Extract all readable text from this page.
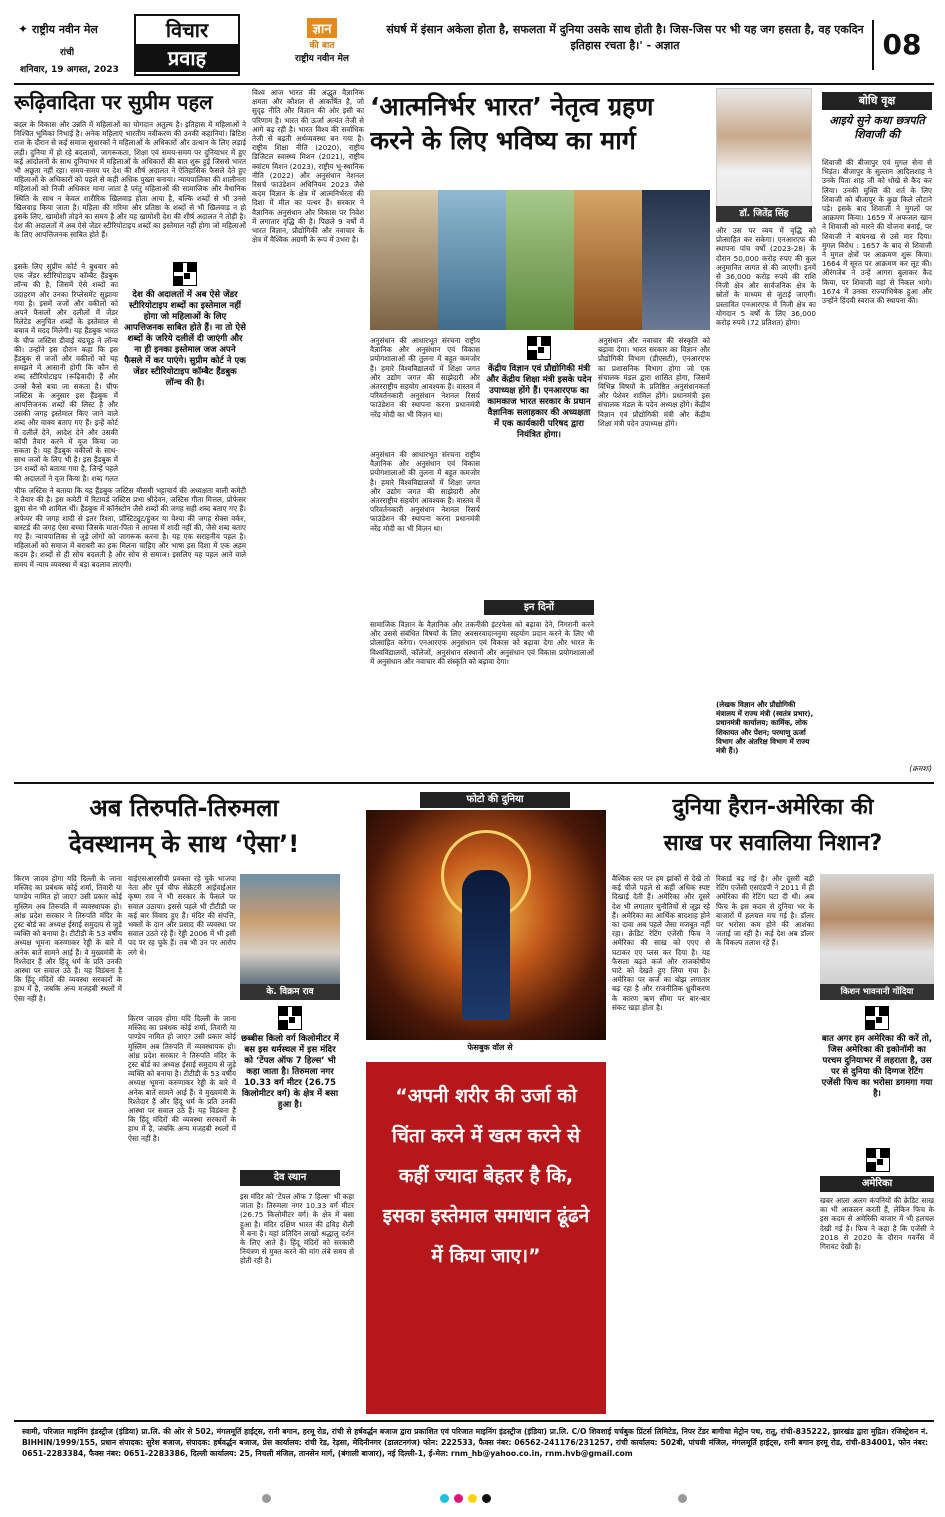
✦ राष्ट्रीय नवीन मेल
रांची
शनिवार, 19 अगस्त, 2023
विचार
प्रवाह
ज्ञान
की बात
राष्ट्रीय नवीन मेल
संघर्ष में इंसान अकेला होता है, सफलता में दुनिया उसके साथ होती है। जिस-जिस पर भी यह जग हसता है, वह एकदिन इतिहास रचता है।' - अज्ञात	08
रूढ़िवादिता पर सुप्रीम पहल
बदल के विकास और उन्नति में महिलाओं का योगदान अतुल्य है। इतिहास में महिलाओं ने निश्चित भूमिका निभाई है। अनेक महिलाएं भारतीय नवीकरण की उनकी कहानियां। ब्रिटिश राज के दौरान से कई समाज सुधारकों ने महिलाओं के अधिकारों और उत्थान के लिए लड़ाई लड़ी। दुनिया में हो रहे बदलावों, जागरूकता, शिक्षा एवं समय-समय पर दुनियाभर में हुए कई आंदोलनों के साथ दुनियाभर में महिलाओं के अधिकारों की बात शुरू हुई जिससे भारत भी अछूता नहीं रहा। समय-समय पर देश की शीर्ष अदालत ने ऐतिहासिक फैसले देते हुए महिलाओं के अधिकारों को पहले से कहीं अधिक पुख्ता बनाया। न्यायपालिका की शालीनता महिलाओं को निजी अधिकार माना जाता है परंतु महिलाओं की सामाजिक और वैधानिक स्थिति के साथ न केवल शारीरिक खिलवाड़ होता आया है, बल्कि शब्दों से भी उनसे खिलवाड़ किया जाता है। महिला की गरिमा और प्रतिष्ठा के शब्दों से भी खिलवाड़ न हो इसके लिए, खामोशी तोड़ने का समय है और यह खामोशी देश की शीर्ष अदालत ने तोड़ी है। देश की अदालतों में अब ऐसे जेंडर स्टीरियोटाइप शब्दों का इस्तेमाल नहीं होगा जो महिलाओं के लिए आपत्तिजनक साबित होते हैं।
देश की अदालतों में अब ऐसे जेंडर स्टीरियोटाइप शब्दों का इस्तेमाल नहीं होगा जो महिलाओं के लिए आपत्तिजनक साबित होते हैं। ना तो ऐसे शब्दों के जरिये दलीलें दी जाएंगी और ना ही इनका इस्तेमाल जज अपने फैसले में कर पाएंगे। सुप्रीम कोर्ट ने एक जेंडर स्टीरियोटाइप कॉम्बैट हैंडबुक लॉन्च की है।
इसके लिए सुप्रीम कोर्ट ने बुधवार को एक जेंडर स्टीरियोटाइप कॉम्बैट हैंडबुक लॉन्च की है, जिसमें ऐसे शब्दों का उदाहरण और उनका रिप्लेसमेंट सुझाया गया है। इसमें जजों और वकीलों को अपने फैसलों और दलीलों में जेंडर रिलेटेड अनुचित शब्दों के इस्तेमाल से बचाव में मदद मिलेगी। यह हैंडबुक भारत के चीफ जस्टिस डीवाई चंद्रचूड़ ने लॉन्च की। उन्होंने इस दौरान कहा कि इस हैंडबुक से जजों और वकीलों को यह समझने में आसानी होगी कि कौन से शब्द स्टीरियोटाइप (रूढ़िवादी) हैं और उनसे कैसे बचा जा सकता है। चीफ जस्टिस के अनुसार इस हैंडबुक में आपत्तिजनक शब्दों की लिस्ट है और उसकी जगह इस्तेमाल किए जाने वाले शब्द और वाक्य बताए गए हैं। इन्हें कोर्ट में दलीलें देने, आदेश देने और उसकी कॉपी तैयार करने में यूज किया जा सकता है। यह हैंडबुक वकीलों के साथ-साथ जजों के लिए भी है। इस हैंडबुक में उन शब्दों को बताया गया है, जिन्हें पहले की अदालतों ने यूज किया है। शब्द गलत
चीफ जस्टिस ने बताया कि यह हैंडबुक जस्टिस मौसमी भट्टाचार्य की अध्यक्षता वाली कमेटी ने तैयार की है। इस कमेटी में रिटायर्ड जस्टिस प्रभा श्रीदेवन, जस्टिस गीता मित्तल, प्रोफेसर झुमा सेन भी शामिल थीं। हैंडबुक में कॉर्नस्टोन जैसे शब्दों की जगह सही शब्द बताए गए हैं। अफेयर की जगह शादी से इतर रिश्ता, प्रॉस्टिट्यूट/हुकर या वेश्या की जगह सेक्स वर्कर, बास्टर्ड की जगह ऐसा बच्चा जिसके माता-पिता ने आपस में शादी नहीं की, जैसे शब्द बताए गए हैं। न्यायपालिका से जुड़े लोगों को जागरूक करना है। यह एक सराहनीय पहल है। महिलाओं को समाज में बराबरी का हक मिलना चाहिए और भाषा इस दिशा में एक अहम कदम है। शब्दों से ही सोच बदलती है और सोच से समाज। इसलिए यह पहल आने वाले समय में न्याय व्यवस्था में बड़ा बदलाव लाएगी।
विश्व आज भारत की अद्भुत वैज्ञानिक क्षमता और कौशल से आकर्षित है, जो सुदृढ़ नीति और विज्ञान की ओर इसी का परिणाम है। भारत की ऊर्जा अत्यंत तेजी से आगे बढ़ रही है। भारत विश्व की सर्वाधिक तेजी से बढ़ती अर्थव्यवस्था बन गया है। राष्ट्रीय शिक्षा नीति (2020), राष्ट्रीय डिजिटल स्वास्थ्य मिशन (2021), राष्ट्रीय क्वांटम मिशन (2023), राष्ट्रीय भू-स्थानिक नीति (2022) और अनुसंधान नेशनल रिसर्च फाउंडेशन अधिनियम 2023 जैसे कदम विज्ञान के क्षेत्र में आत्मनिर्भरता की दिशा में मील का पत्थर हैं। सरकार ने वैज्ञानिक अनुसंधान और विकास पर निवेश में लगातार वृद्धि की है। पिछले 9 वर्षों में भारत विज्ञान, प्रौद्योगिकी और नवाचार के क्षेत्र में वैश्विक अग्रणी के रूप में उभरा है।
‘आत्मनिर्भर भारत’ नेतृत्व ग्रहण करने के लिए भविष्य का मार्ग
डॉ. जितेंद्र सिंह
अनुसंधान की आधारभूत संरचना राष्ट्रीय वैज्ञानिक और अनुसंधान एवं विकास प्रयोगशालाओं की तुलना में बहुत कमजोर है। हमारे विश्वविद्यालयों में शिक्षा जगत और उद्योग जगत की साझेदारी और अंतरराष्ट्रीय सहयोग आवश्यक हैं। वास्तव में परिवर्तनकारी अनुसंधान नेशनल रिसर्च फाउंडेशन की स्थापना करना प्रधानमंत्री नरेंद्र मोदी का भी विज़न था।
केंद्रीय विज्ञान एवं प्रौद्योगिकी मंत्री और केंद्रीय शिक्षा मंत्री इसके पदेन उपाध्यक्ष होंगे हैं। एनआरएफ का कामकाज भारत सरकार के प्रधान वैज्ञानिक सलाहकार की अध्यक्षता में एक कार्यकारी परिषद द्वारा नियंत्रित होगा।
इन दिनों
अनुसंधान की आधारभूत संरचना राष्ट्रीय वैज्ञानिक और अनुसंधान एवं विकास प्रयोगशालाओं की तुलना में बहुत कमजोर है। हमारे विश्वविद्यालयों में शिक्षा जगत और उद्योग जगत की साझेदारी और अंतरराष्ट्रीय सहयोग आवश्यक हैं। वास्तव में परिवर्तनकारी अनुसंधान नेशनल रिसर्च फाउंडेशन की स्थापना करना प्रधानमंत्री नरेंद्र मोदी का भी विज़न था।
सामाजिक विज्ञान के वैज्ञानिक और तकनीकी इंटरफेस को बढ़ावा देने, निगरानी करने और उससे संबंधित विषयों के लिए अवसरवादाननुमा सहयोग प्रदान करने के लिए भी प्रोत्साहित करेगा। एनआरएफ अनुसंधान एवं विकास को बढ़ावा देगा और भारत के विश्वविद्यालयों, कॉलेजों, अनुसंधान संस्थानों और अनुसंधान एवं विकास प्रयोगशालाओं में अनुसंधान और नवाचार की संस्कृति को बढ़ावा देगा।
अनुसंधान और नवाचार की संस्कृति को बढ़ावा देगा। भारत सरकार का विज्ञान और प्रौद्योगिकी विभाग (डीएसटी), एनआरएफ का प्रशासनिक विभाग होगा जो एक संचालक मंडल द्वारा शासित होगा, जिसमें विभिन्न विषयों के प्रतिष्ठित अनुसंधानकर्ता और पेशेवर शामिल होंगे। प्रधानमंत्री इस संचालक मंडल के पदेन अध्यक्ष होंगे। केंद्रीय विज्ञान एवं प्रौद्योगिकी मंत्री और केंद्रीय शिक्षा मंत्री पदेन उपाध्यक्ष होंगे।
और उस पर व्यय में वृद्धि को प्रोत्साहित कर सकेगा। एनआरएफ की स्थापना पांच वर्षों (2023-28) के दौरान 50,000 करोड़ रुपए की कुल अनुमानित लागत से की जाएगी। इनमें से 36,000 करोड़ रुपये की राशि निजी क्षेत्र और सार्वजनिक क्षेत्र के स्रोतों के माध्यम से जुटाई जाएगी। प्रस्तावित एनआरएफ में निजी क्षेत्र का योगदान 5 वर्षों के लिए 36,000 करोड़ रुपये (72 प्रतिशत) होगा।
(लेखक विज्ञान और प्रौद्योगिकी मंत्रालय में राज्य मंत्री (स्वतंत्र प्रभार), प्रधानमंत्री कार्यालय; कार्मिक, लोक शिकायत और पेंशन; परमाणु ऊर्जा विभाग और अंतरिक्ष विभाग में राज्य मंत्री हैं।)
बोधि वृक्ष
आइये सुने कथा छत्रपति शिवाजी की
शिवाजी की बीजापुर एवं मुगल सेना से भिड़ंत। बीजापुर के सुल्तान आदिलशाह ने उनके पिता शाह जी को धोखे से कैद कर लिया। उनकी मुक्ति की शर्त के लिए शिवाजी को बीजापुर के कुछ किले लौटाने पड़े। इसके बाद शिवाजी ने मुगलों पर आक्रमण किया। 1659 में अफजल खान ने शिवाजी को मारने की योजना बनाई, पर शिवाजी ने बाघनख से उसे मार दिया। मुगल विरोध : 1657 के बाद से शिवाजी ने मुगल क्षेत्रों पर आक्रमण शुरू किया। 1664 में सूरत पर आक्रमण कर लूट की। औरंगजेब ने उन्हें आगरा बुलाकर कैद किया, पर शिवाजी वहां से निकल भागे। 1674 में उनका राज्याभिषेक हुआ और उन्होंने हिंदवी स्वराज की स्थापना की।
(क्रमशः)
अब तिरुपति-तिरुमला
देवस्थानम् के साथ ‘ऐसा’!
किरण जादव होगा यदि दिल्ली के जाना मस्जिद का प्रबंधक कोई शर्मा, तिवारी या पाण्डेय नामित हो जाए? उसी प्रकार कोई मुस्लिम अब तिरुपति में व्यवस्थापक हो। आंध्र प्रदेश सरकार ने तिरुपति मंदिर के ट्रस्ट बोर्ड का अध्यक्ष ईसाई समुदाय से जुड़े व्यक्ति को बनाया है। टीटीडी के 53 वर्षीय अध्यक्ष भूमना करुणाकर रेड्डी के बारे में अनेक बातें सामने आई हैं। वे मुख्यमंत्री के रिश्तेदार हैं और हिंदू धर्म के प्रति उनकी आस्था पर सवाल उठे हैं। यह विडंबना है कि हिंदू मंदिरों की व्यवस्था सरकारों के हाथ में है, जबकि अन्य मजहबी स्थलों में ऐसा नहीं है।
वाईएसआरसीपी प्रवक्ता रहे चुके भाजपा नेता और पूर्व चीफ सेक्रेटरी आईवाईआर कृष्ण राव ने भी सरकार के फैसले पर सवाल उठाया। इससे पहले भी टीटीडी पर कई बार विवाद हुए हैं। मंदिर की संपत्ति, भक्तों के दान और प्रसाद की व्यवस्था पर सवाल उठते रहे हैं। रेड्डी 2006 में भी इसी पद पर रह चुके हैं। तब भी उन पर आरोप लगे थे।
के. विक्रम राव
किरण जादव होगा यदि दिल्ली के जाना मस्जिद का प्रबंधक कोई शर्मा, तिवारी या पाण्डेय नामित हो जाए? उसी प्रकार कोई मुस्लिम अब तिरुपति में व्यवस्थापक हो। आंध्र प्रदेश सरकार ने तिरुपति मंदिर के ट्रस्ट बोर्ड का अध्यक्ष ईसाई समुदाय से जुड़े व्यक्ति को बनाया है। टीटीडी के 53 वर्षीय अध्यक्ष भूमना करुणाकर रेड्डी के बारे में अनेक बातें सामने आई हैं। वे मुख्यमंत्री के रिश्तेदार हैं और हिंदू धर्म के प्रति उनकी आस्था पर सवाल उठे हैं। यह विडंबना है कि हिंदू मंदिरों की व्यवस्था सरकारों के हाथ में है, जबकि अन्य मजहबी स्थलों में ऐसा नहीं है।
छब्बीस किलो वर्ग किलोमीटर में बस इस धर्मस्थल में इस मंदिर को ‘टेंपल ऑफ 7 हिल्स’ भी कहा जाता है। तिरुमला नगर 10.33 वर्ग मीटर (26.75 किलोमीटर वर्ग) के क्षेत्र में बसा हुआ है।
देव स्थान
इस मंदिर को ‘टेंपल ऑफ 7 हिल्स’ भी कहा जाता है। तिरुमला नगर 10.33 वर्ग मीटर (26.75 किलोमीटर वर्ग) के क्षेत्र में बसा हुआ है। मंदिर दक्षिण भारत की द्रविड़ शैली में बना है। यहां प्रतिदिन लाखों श्रद्धालु दर्शन के लिए आते हैं। हिंदू मंदिरों को सरकारी नियंत्रण से मुक्त करने की मांग लंबे समय से होती रही है।
फोटो की दुनिया
फेसबुक वॉल से
“अपनी शरीर की उर्जा को चिंता करने में खत्म करने से कहीं ज्यादा बेहतर है कि, इसका इस्तेमाल समाधान ढूंढने में किया जाए।”
दुनिया हैरान-अमेरिका की
साख पर सवालिया निशान?
वैश्विक स्तर पर हम झांकों से देखे तो कई चीजें पहले से कहीं अधिक स्पष्ट दिखाई देती हैं। अमेरिका और दूसरे देश भी लगातार चुनौतियों से जूझ रहे हैं। अमेरिका का आर्थिक बादशाह होने का दावा अब पहले जैसा मजबूत नहीं रहा। क्रेडिट रेटिंग एजेंसी फिच ने अमेरिका की साख को एएए से घटाकर एए प्लस कर दिया है। यह फैसला बढ़ते कर्ज और राजकोषीय घाटे को देखते हुए लिया गया है। अमेरिका पर कर्ज का बोझ लगातार बढ़ रहा है और राजनीतिक ध्रुवीकरण के कारण ऋण सीमा पर बार-बार संकट खड़ा होता है।
रिकार्ड बढ़ गई है। और दूसरी बड़ी रेटिंग एजेंसी एसएंडपी ने 2011 में ही अमेरिका की रेटिंग घटा दी थी। अब फिच के इस कदम से दुनिया भर के बाजारों में हलचल मच गई है। डॉलर पर भरोसा कम होने की आशंका जताई जा रही है। कई देश अब डॉलर के विकल्प तलाश रहे हैं।
किशन भावनानी गोंदिया
बात अगर हम अमेरिका की करें तो, जिस अमेरिका की इकोनॉमी का परचम दुनियाभर में लहराता है, उस पर से दुनिया की दिग्गज रेटिंग एजेंसी फिच का भरोसा डगमगा गया है।
अमेरिका
खबर आला अलग कंपनियों की क्रेडिट साख का भी आकलन करती हैं, लेकिन फिच के इस कदम से अमेरिकी बाजार में भी हलचल देखी गई है। फिच ने कहा है कि एजेंसी ने 2018 से 2020 के दौरान गवर्नेंस में गिरावट देखी है।
स्वामी, परिजात माइनिंग इंडस्ट्रीज (इंडिया) प्रा.लि. की ओर से 502, मंगलमूर्ति हाईट्स, रानी बगान, हरमू रोड, रांची से हर्षवर्द्धन बजाज द्वारा प्रकाशित एवं परिजात माइनिंग इंडस्ट्रीज (इंडिया) प्रा.लि. C/O शिवशाई चर्चबुक प्रिंटर्स लिमिटेड, निपर टेंडर बागीचा मेट्रोन पथ, रातू, रांची-835222, झारखंड द्वारा मुद्रित। रजिस्ट्रेशन नं. BIHHIN/1999/155, प्रधान संपादक: सुरेश बजाज, संपादक: हर्षवर्द्धन बजाज, प्रेस कार्यालय: रांची रेड, रेड़सा, मेदिनीनगर (डालटनगंज) फोन: 222533, फैक्स नंबर: 06562-241176/231257, रांची कार्यालय: 502बी, पांचवी मंजिल, मंगलमूर्ति हाईट्स, रानी बगान हरमू रोड, रांची-834001, फोन नंबर: 0651-2283384, फैक्स नंबर: 0651-2283386, दिल्ली कार्यालय: 25, निचली मंजिल, तानसेन मार्ग, (बंगाली बाजार), नई दिल्ली-1, ई-मेल: rnm_hb@yahoo.co.in, rnm.hvb@gmail.com
